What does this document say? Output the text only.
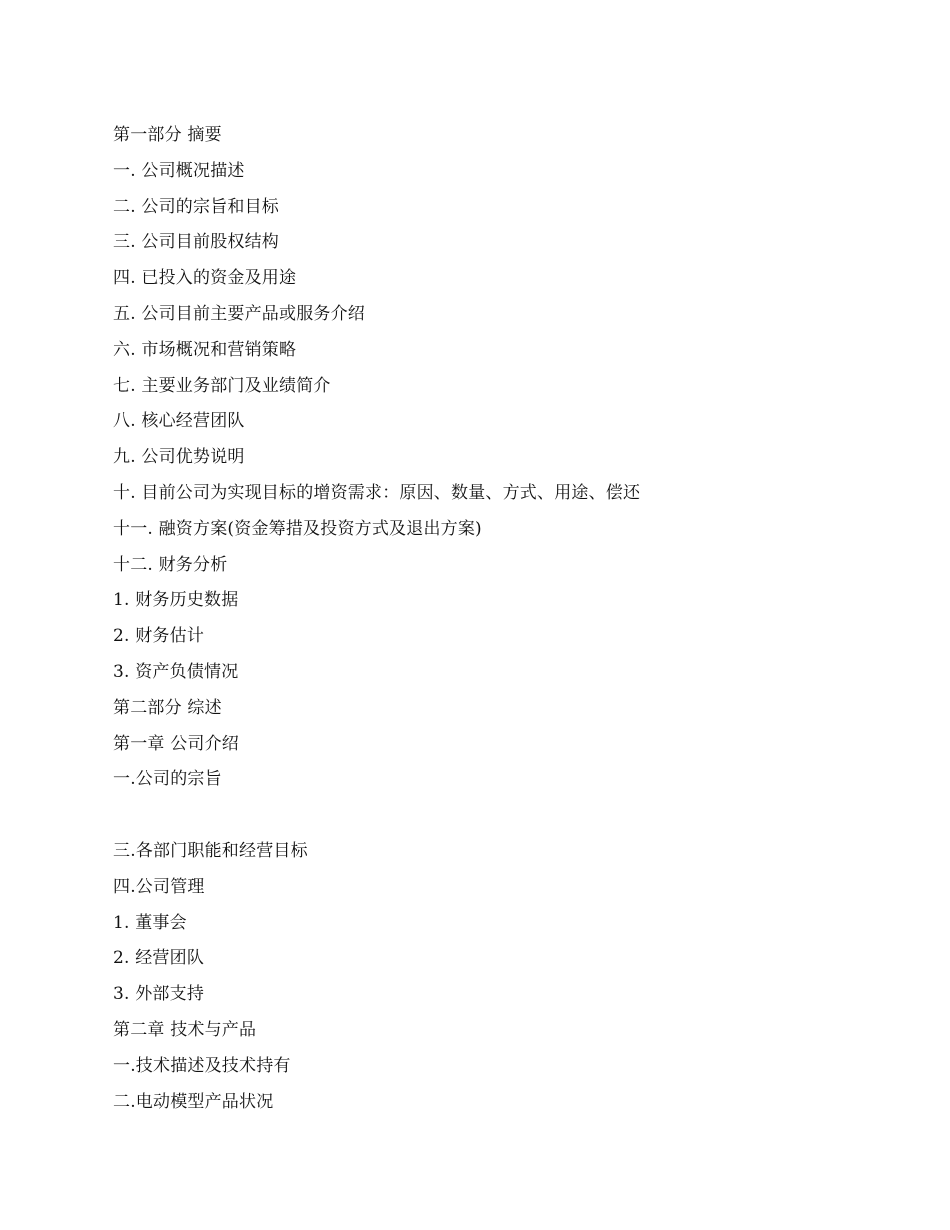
第一部分 摘要
一. 公司概况描述
二. 公司的宗旨和目标
三. 公司目前股权结构
四. 已投入的资金及用途
五. 公司目前主要产品或服务介绍
六. 市场概况和营销策略
七. 主要业务部门及业绩简介
八. 核心经营团队
九. 公司优势说明
十. 目前公司为实现目标的增资需求：原因、数量、方式、用途、偿还
十一. 融资方案(资金筹措及投资方式及退出方案)
十二. 财务分析
1. 财务历史数据
2. 财务估计
3. 资产负债情况
第二部分 综述
第一章 公司介绍
一.公司的宗旨
三.各部门职能和经营目标
四.公司管理
1. 董事会
2. 经营团队
3. 外部支持
第二章 技术与产品
一.技术描述及技术持有
二.电动模型产品状况
